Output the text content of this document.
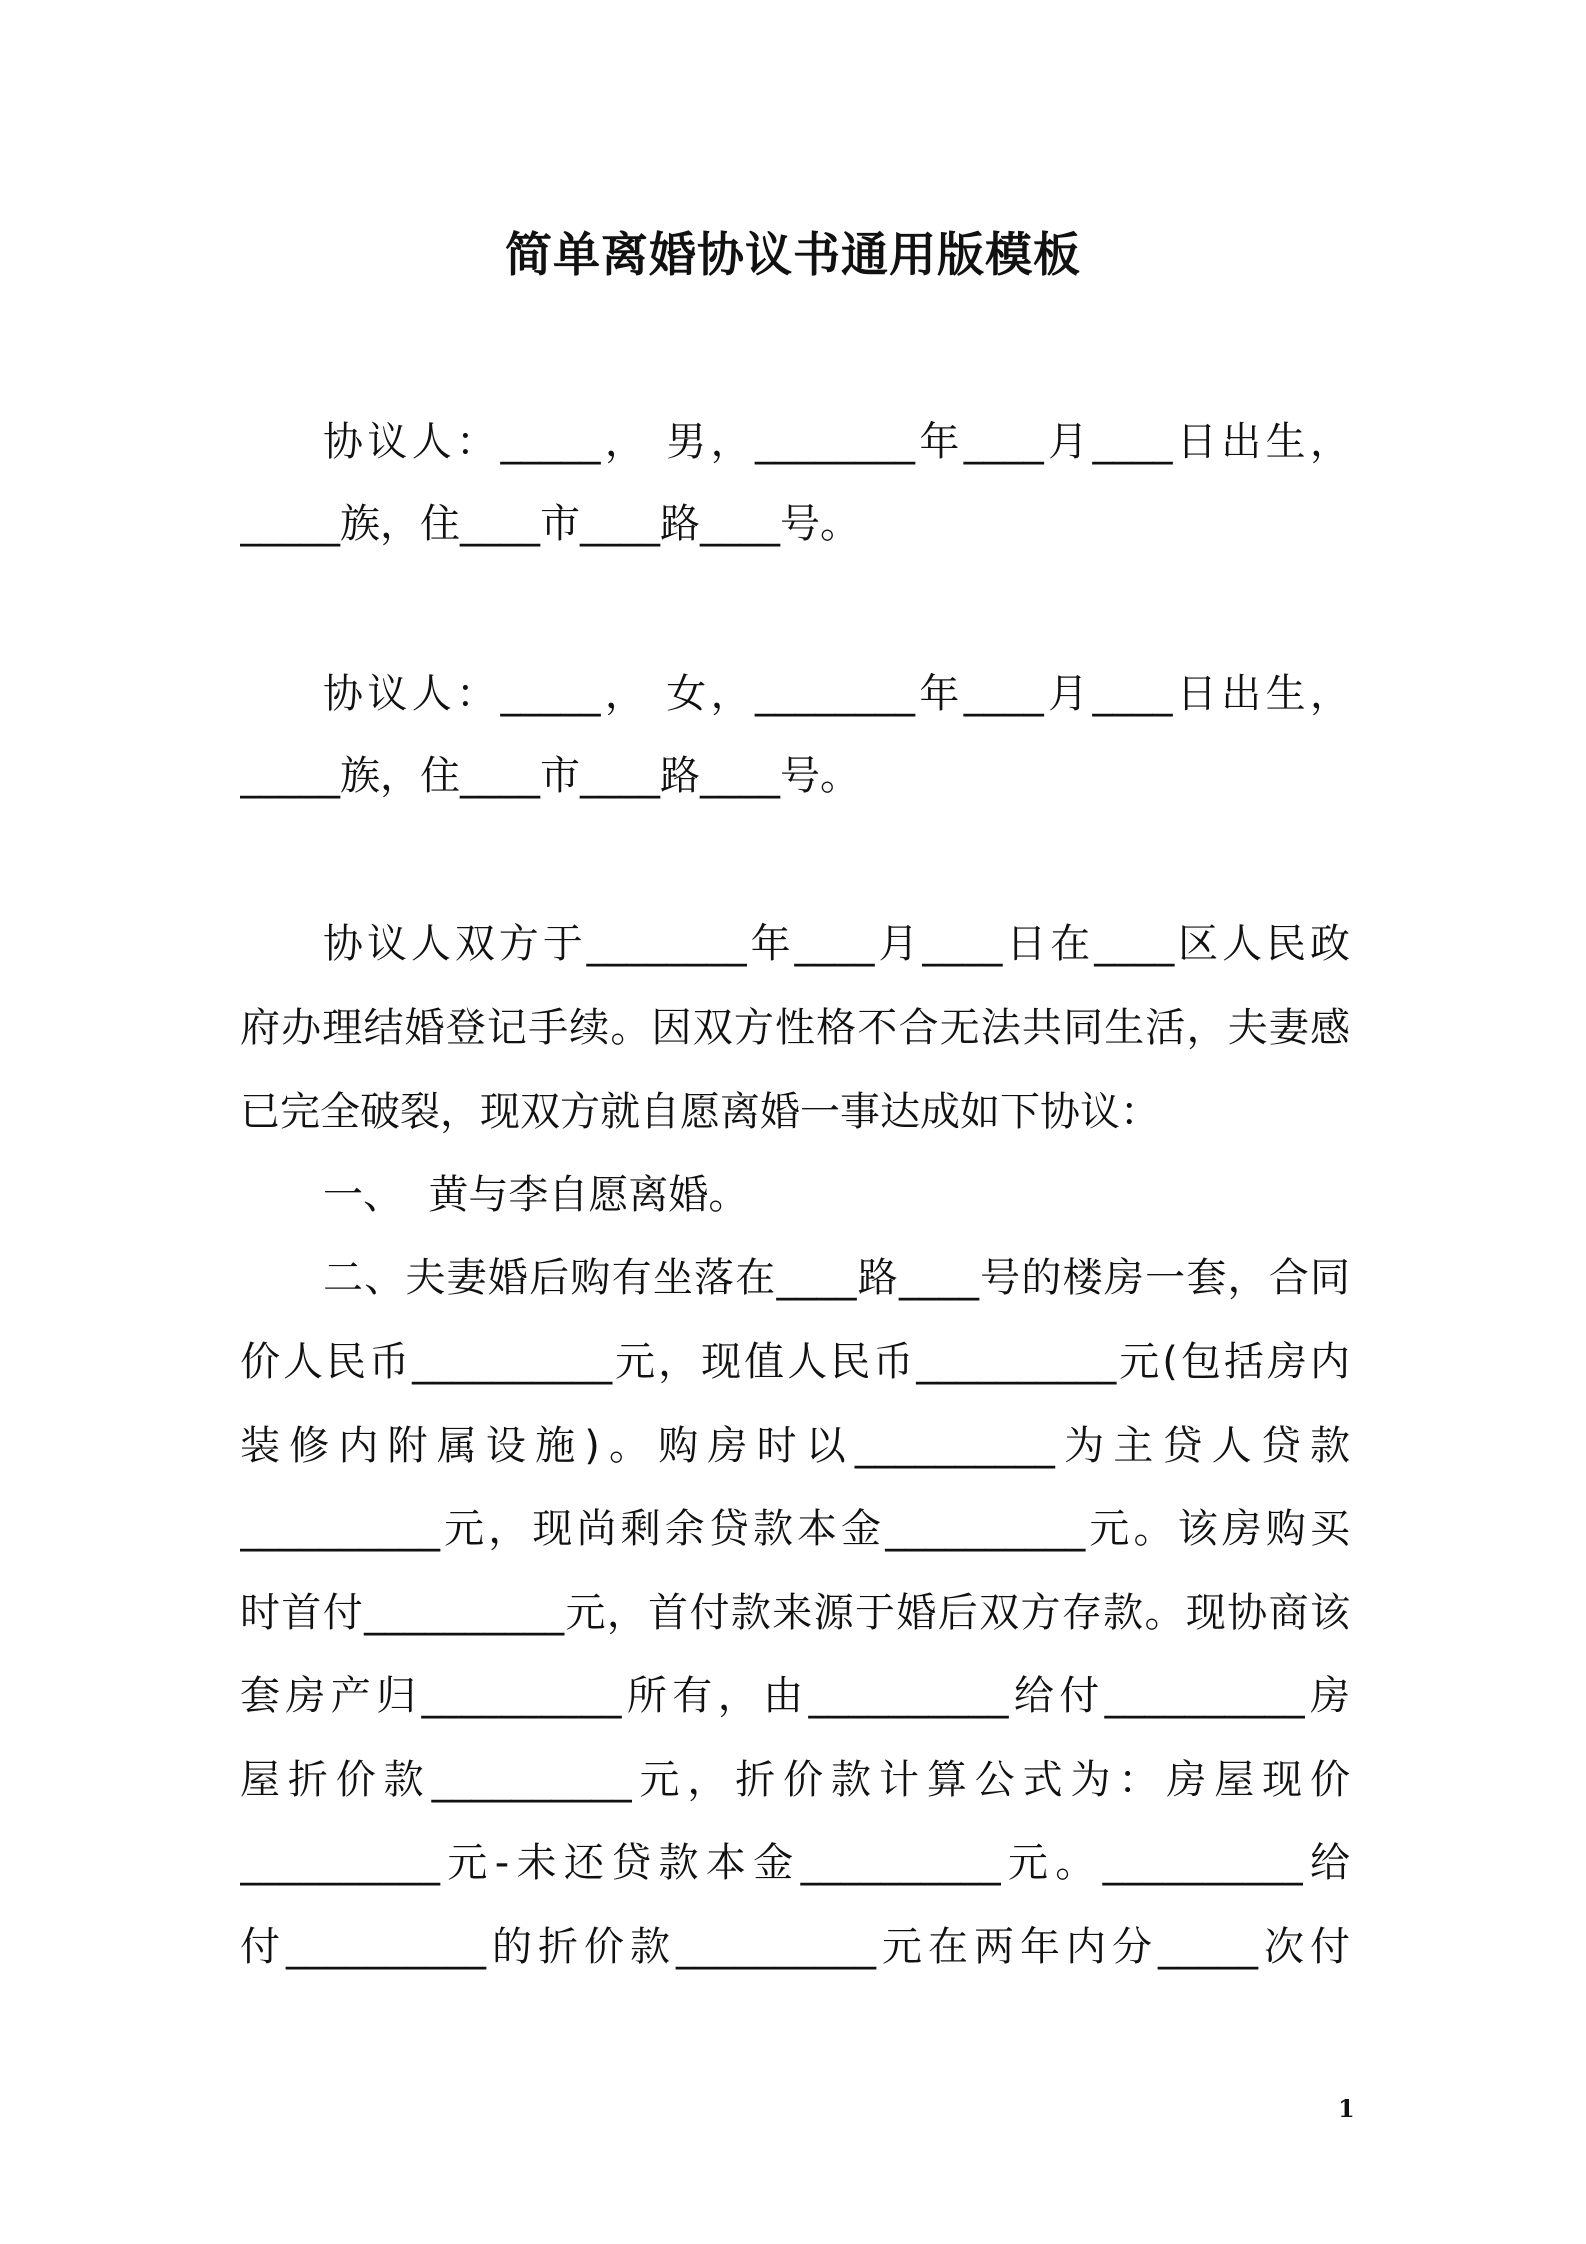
简单离婚协议书通用版模板
协议人：_____， 男，________年____月____日出生，
_____族，住____市____路____号。
协议人：_____， 女，________年____月____日出生，
_____族，住____市____路____号。
协议人双方于________年____月____日在____区人民政
府办理结婚登记手续。因双方性格不合无法共同生活，夫妻感
已完全破裂，现双方就自愿离婚一事达成如下协议：
一、  黄与李自愿离婚。
二、夫妻婚后购有坐落在____路____号的楼房一套，合同
价人民币__________元，现值人民币__________元(包括房内
装修内附属设施)。购房时以__________为主贷人贷款
__________元，现尚剩余贷款本金__________元。该房购买
时首付__________元，首付款来源于婚后双方存款。现协商该
套房产归__________所有，由__________给付__________房
屋折价款__________元，折价款计算公式为：房屋现价
__________元-未还贷款本金__________元。__________给
付__________的折价款__________元在两年内分_____次付
1
